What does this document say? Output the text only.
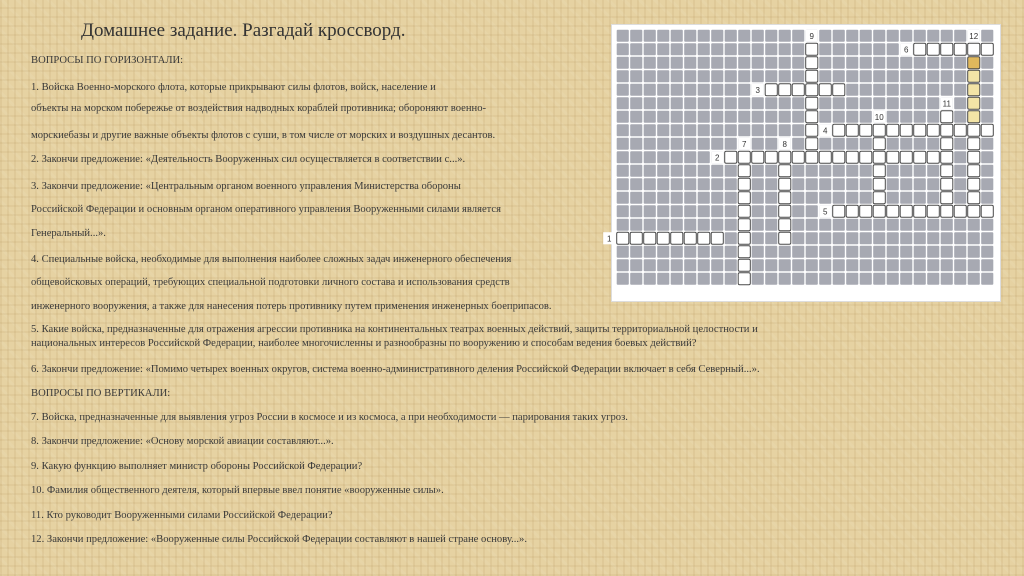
Домашнее задание. Разгадай кроссворд.
ВОПРОСЫ ПО ГОРИЗОНТАЛИ:
1. Войска Военно-морского флота, которые прикрывают силы флотов, войск, население и
объекты на морском побережье от воздействия надводных кораблей противника; обороняют военно-
морскиебазы и другие важные объекты флотов с суши, в том числе от морских и воздушных десантов.
2. Закончи предложение: «Деятельность Вооруженных сил осуществляется в соответствии с...».
3. Закончи предложение: «Центральным органом военного управления Министерства обороны
Российской Федерации и основным органом оперативного управления Вооруженными силами является
Генеральный...».
4. Специальные войска, необходимые для выполнения наиболее сложных задач инженерного обеспечения
общевойсковых операций, требующих специальной подготовки личного состава и использования средств
инженерного вооружения, а также для нанесения потерь противнику путем применения инженерных боеприпасов.
5. Какие войска, предназначенные для отражения агрессии противника на континентальных театрах военных действий, защиты территориальной целостности и
национальных интересов Российской Федерации, наиболее многочисленны и разнообразны по вооружению и способам ведения боевых действий?
6. Закончи предложение: «Помимо четырех военных округов, система военно-административного деления Российской Федерации включает в себя Северный...».
ВОПРОСЫ ПО ВЕРТИКАЛИ:
7. Войска, предназначенные для выявления угроз России в космосе и из космоса, а при необходимости — парирования таких угроз.
8. Закончи предложение: «Основу морской авиации составляют...».
9. Какую функцию выполняет министр обороны Российской Федерации?
10. Фамилия общественного деятеля, который впервые ввел понятие «вооруженные силы».
11. Кто руководит Вооруженными силами Российской Федерации?
12. Закончи предложение: «Вооруженные силы Российской Федерации составляют в нашей стране основу...».
1
2
3
4
5
6
7	8
9
10
11
12
